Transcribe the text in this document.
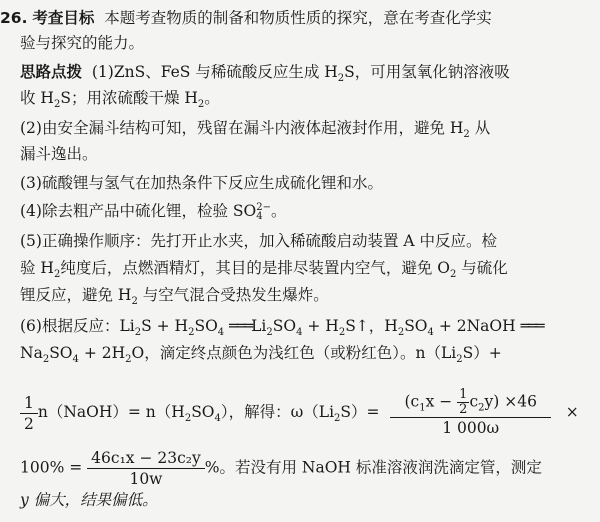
26. 考查目标 本题考查物质的制备和物质性质的探究，意在考查化学实
验与探究的能力。
思路点拨 (1)ZnS、FeS 与稀硫酸反应生成 $H_2S$，可用氢氧化钠溶液吸
收 $H_2S$；用浓硫酸干燥 $H_2$。
(2)由安全漏斗结构可知，残留在漏斗内液体起液封作用，避免 $H_2$ 从
漏斗逸出。
(3)硫酸锂与氢气在加热条件下反应生成硫化锂和水。
(4)除去粗产品中硫化锂，检验 SO 2−
4 。
(5)正确操作顺序：先打开止水夹，加入稀硫酸启动装置 A 中反应。检
验 $H_2$纯度后，点燃酒精灯，其目的是排尽装置内空气，避免 $O_2$ 与硫化
锂反应，避免 $H_2$ 与空气混合受热发生爆炸。
(6)根据反应：$Li_2S + H_2SO_4$ $═══Li_2SO_4$ + $H_2S↑$，$H_2SO_4$ + 2NaOH ═══
$Na_2SO_4 + 2H_2O$，滴定终点颜色为浅红色（或粉红色）。$n(Li_2S)+$
$\frac{1}{2}$ n（NaOH）= $n(H_2SO_4)$，解得：$\omega(Li_2S)= \frac{(c_1x - \frac{1}{2} c_2y) \times 46}{1 000\omega}$ ×
$100\% = \frac{\text{46c₁x − 23c₂y}}{10w}$ %。若没有用 NaOH 标准溶液润洗滴定管，测定
y 偏大，结果偏低。
